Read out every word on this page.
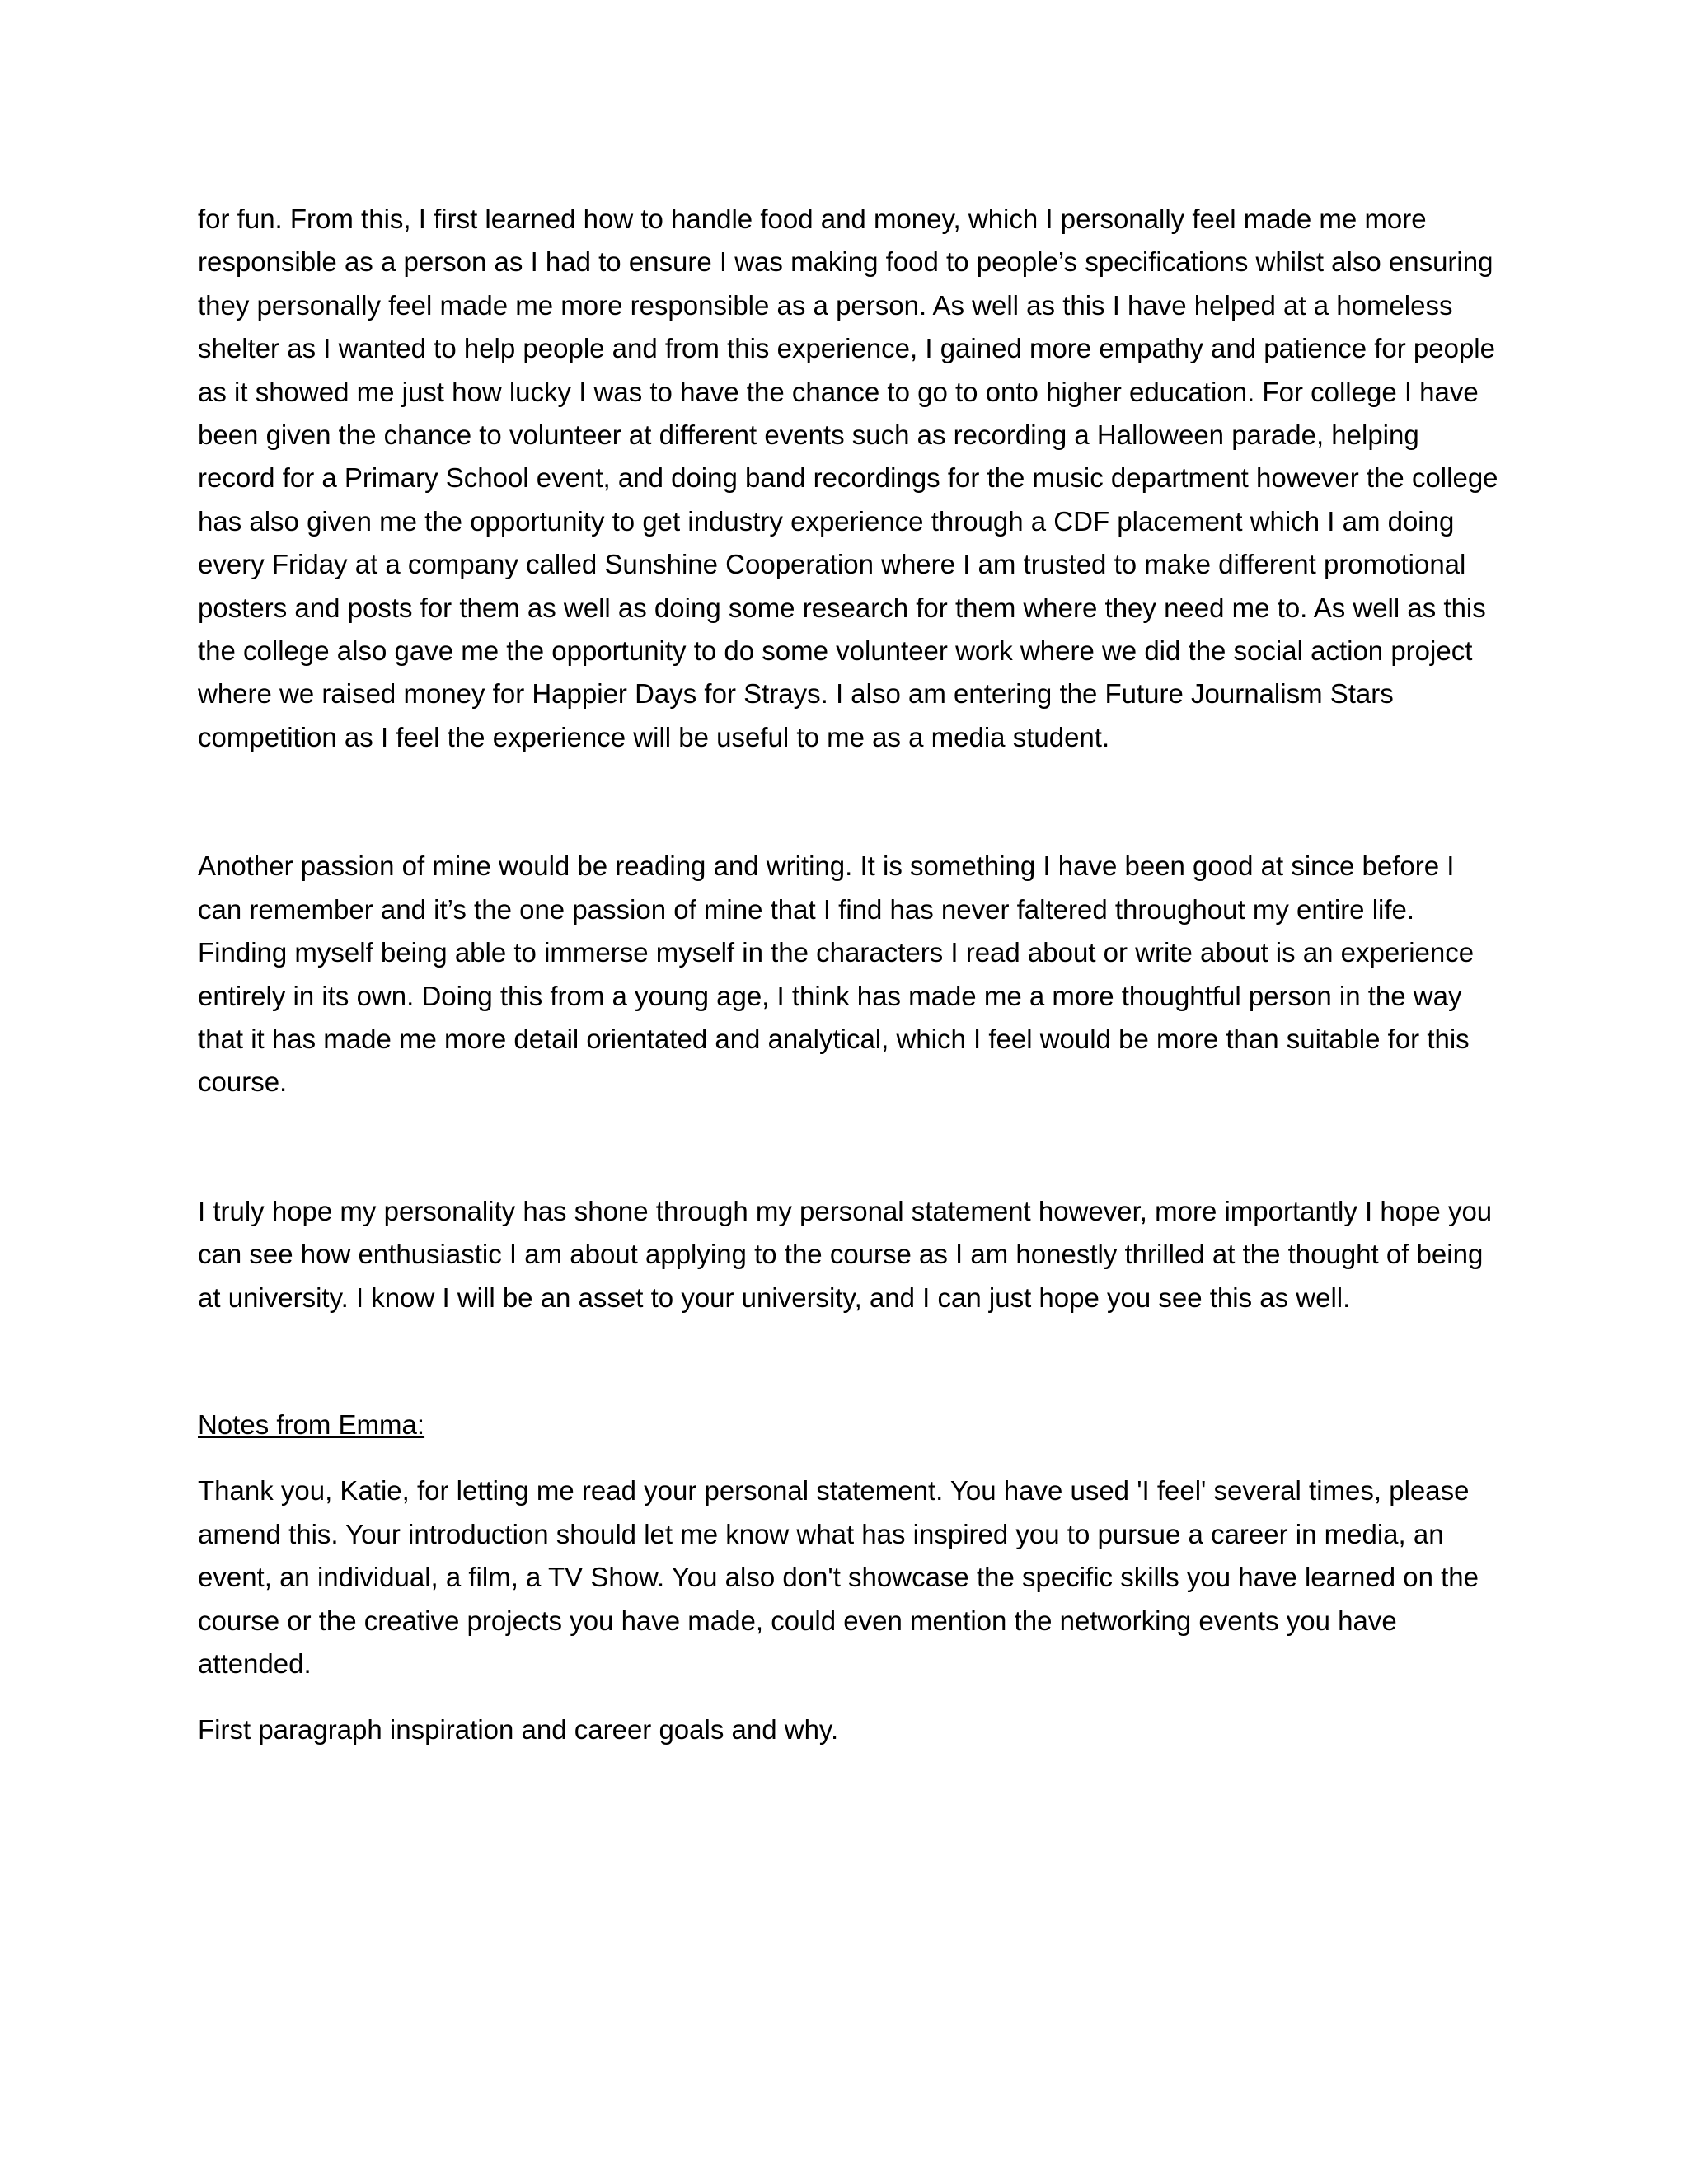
for fun. From this, I first learned how to handle food and money, which I personally feel made me more responsible as a person as I had to ensure I was making food to people’s specifications whilst also ensuring they personally feel made me more responsible as a person. As well as this I have helped at a homeless shelter as I wanted to help people and from this experience, I gained more empathy and patience for people as it showed me just how lucky I was to have the chance to go to onto higher education. For college I have been given the chance to volunteer at different events such as recording a Halloween parade, helping record for a Primary School event, and doing band recordings for the music department however the college has also given me the opportunity to get industry experience through a CDF placement which I am doing every Friday at a company called Sunshine Cooperation where I am trusted to make different promotional posters and posts for them as well as doing some research for them where they need me to. As well as this the college also gave me the opportunity to do some volunteer work where we did the social action project where we raised money for Happier Days for Strays. I also am entering the Future Journalism Stars competition as I feel the experience will be useful to me as a media student.

Another passion of mine would be reading and writing. It is something I have been good at since before I can remember and it’s the one passion of mine that I find has never faltered throughout my entire life. Finding myself being able to immerse myself in the characters I read about or write about is an experience entirely in its own. Doing this from a young age, I think has made me a more thoughtful person in the way that it has made me more detail orientated and analytical, which I feel would be more than suitable for this course.

I truly hope my personality has shone through my personal statement however, more importantly I hope you can see how enthusiastic I am about applying to the course as I am honestly thrilled at the thought of being at university. I know I will be an asset to your university, and I can just hope you see this as well.

Notes from Emma:

Thank you, Katie, for letting me read your personal statement. You have used 'I feel' several times, please amend this. Your introduction should let me know what has inspired you to pursue a career in media, an event, an individual, a film, a TV Show. You also don't showcase the specific skills you have learned on the course or the creative projects you have made, could even mention the networking events you have attended.

First paragraph inspiration and career goals and why.
